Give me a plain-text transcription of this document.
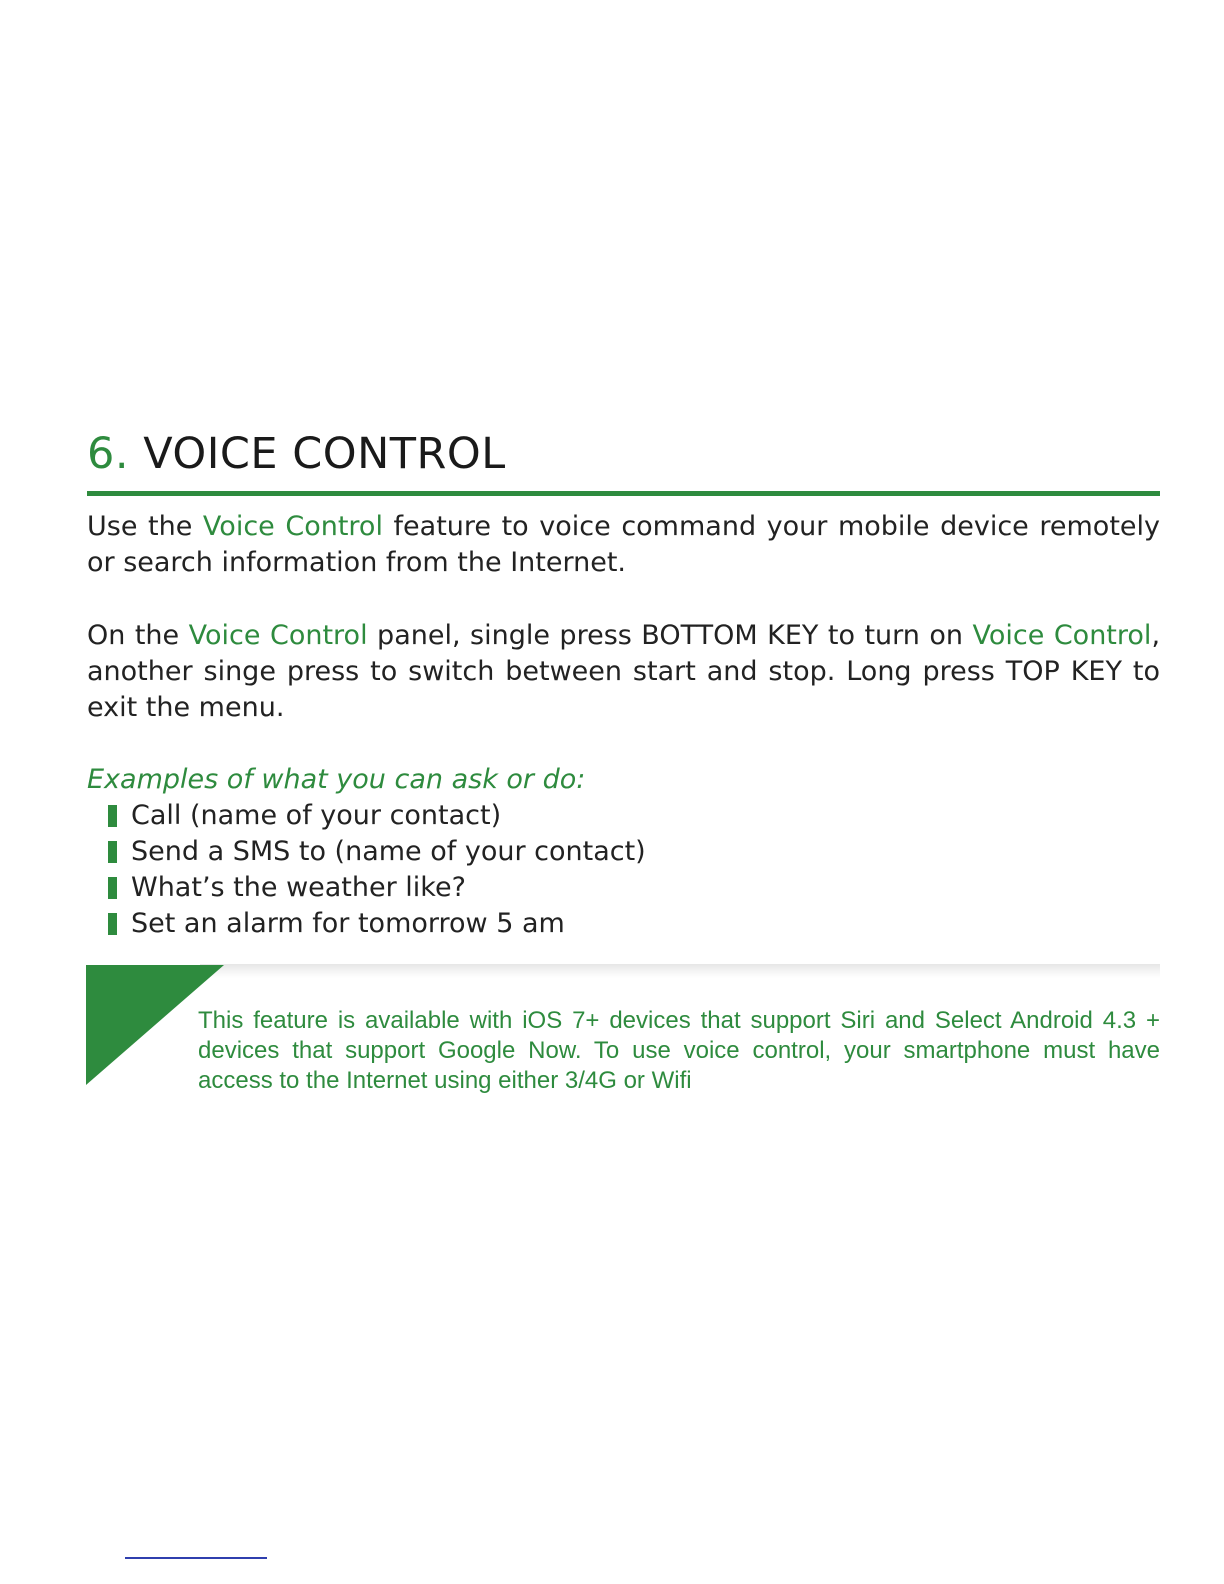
6. VOICE CONTROL

Use the Voice Control feature to voice command your mobile device remotely or search information from the Internet.

On the Voice Control panel, single press BOTTOM KEY to turn on Voice Control, another singe press to switch between start and stop. Long press TOP KEY to exit the menu.

Examples of what you can ask or do:

Call (name of your contact)
Send a SMS to (name of your contact)
What’s the weather like?
Set an alarm for tomorrow 5 am

This feature is available with iOS 7+ devices that support Siri and Select Android 4.3 + devices that support Google Now. To use voice control, your smartphone must have access to the Internet using either 3/4G or Wifi
